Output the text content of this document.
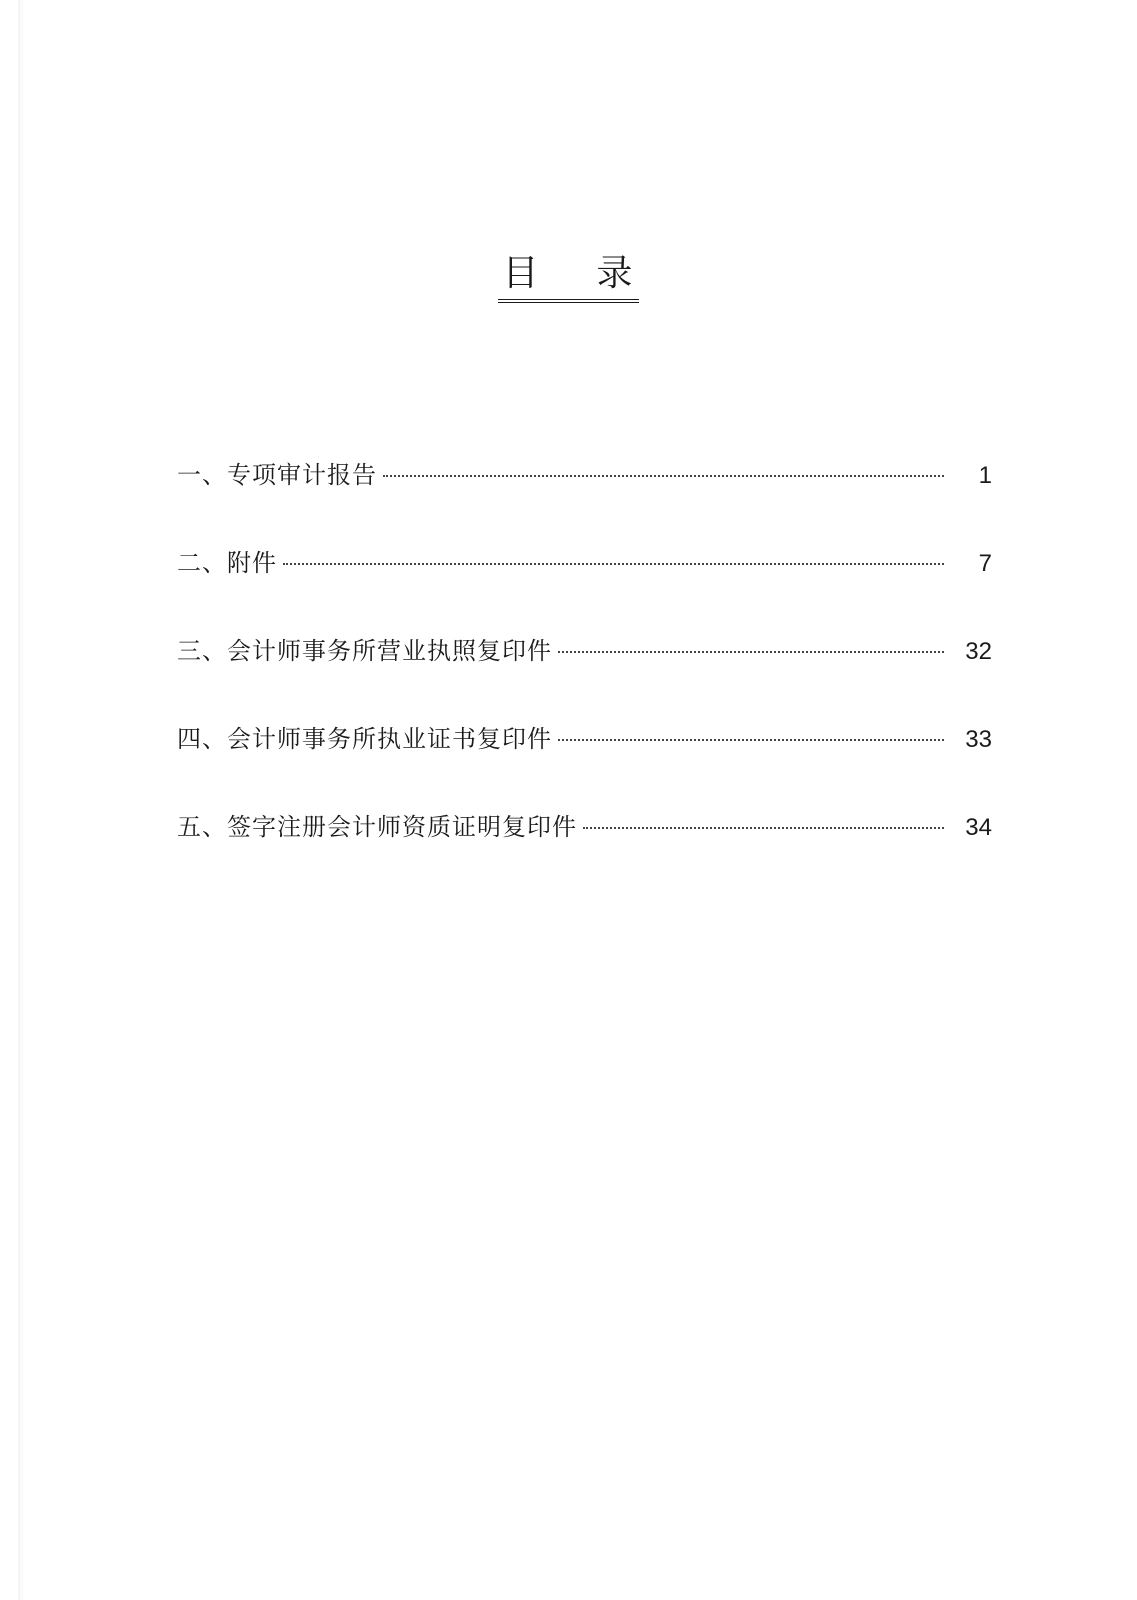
目 录
一、专项审计报告	1
二、附件	7
三、会计师事务所营业执照复印件	32
四、会计师事务所执业证书复印件	33
五、签字注册会计师资质证明复印件	34
